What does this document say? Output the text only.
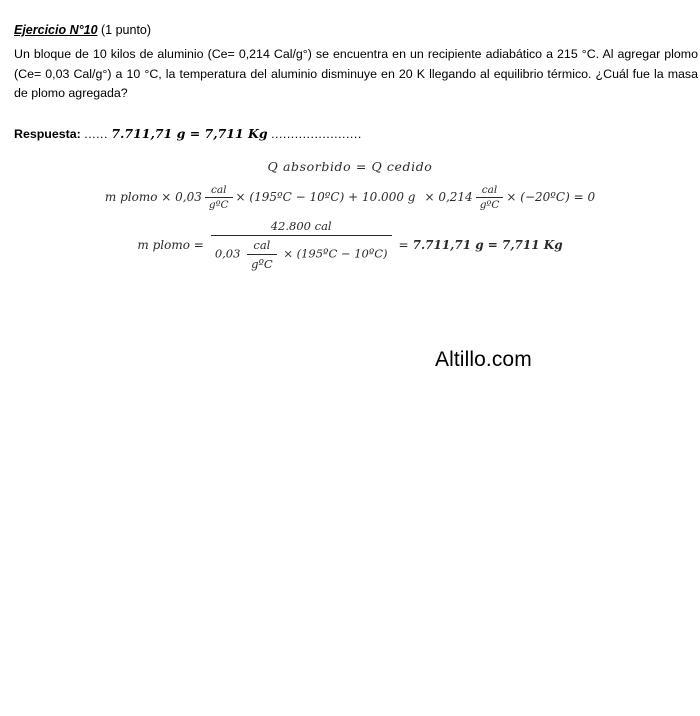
Ejercicio N°10 (1 punto)

Un bloque de 10 kilos de aluminio (Ce= 0,214 Cal/g°) se encuentra en un recipiente adiabático a 215 °C. Al agregar plomo (Ce= 0,03 Cal/g°) a 10 °C, la temperatura del aluminio disminuye en 20 K llegando al equilibrio térmico. ¿Cuál fue la masa de plomo agregada?

Respuesta: ...... 7.711,71 g = 7,711 Kg .......................
Q absorbido = Q cedido
m plomo × $0,03 \frac{\text{cal}}{\text{gºC}}$ × (195ºC − 10ºC) + 10.000 $g \times 0,214 \frac{\text{cal}}{\text{gºC}}$ × (−20ºC) = 0
m plomo =
42.800 cal
$0,03 \frac{\text{cal}}{\text{gºC}}$ × (195ºC − 10ºC)
= 7.711,71 g = 7,711 Kg
Altillo.com
